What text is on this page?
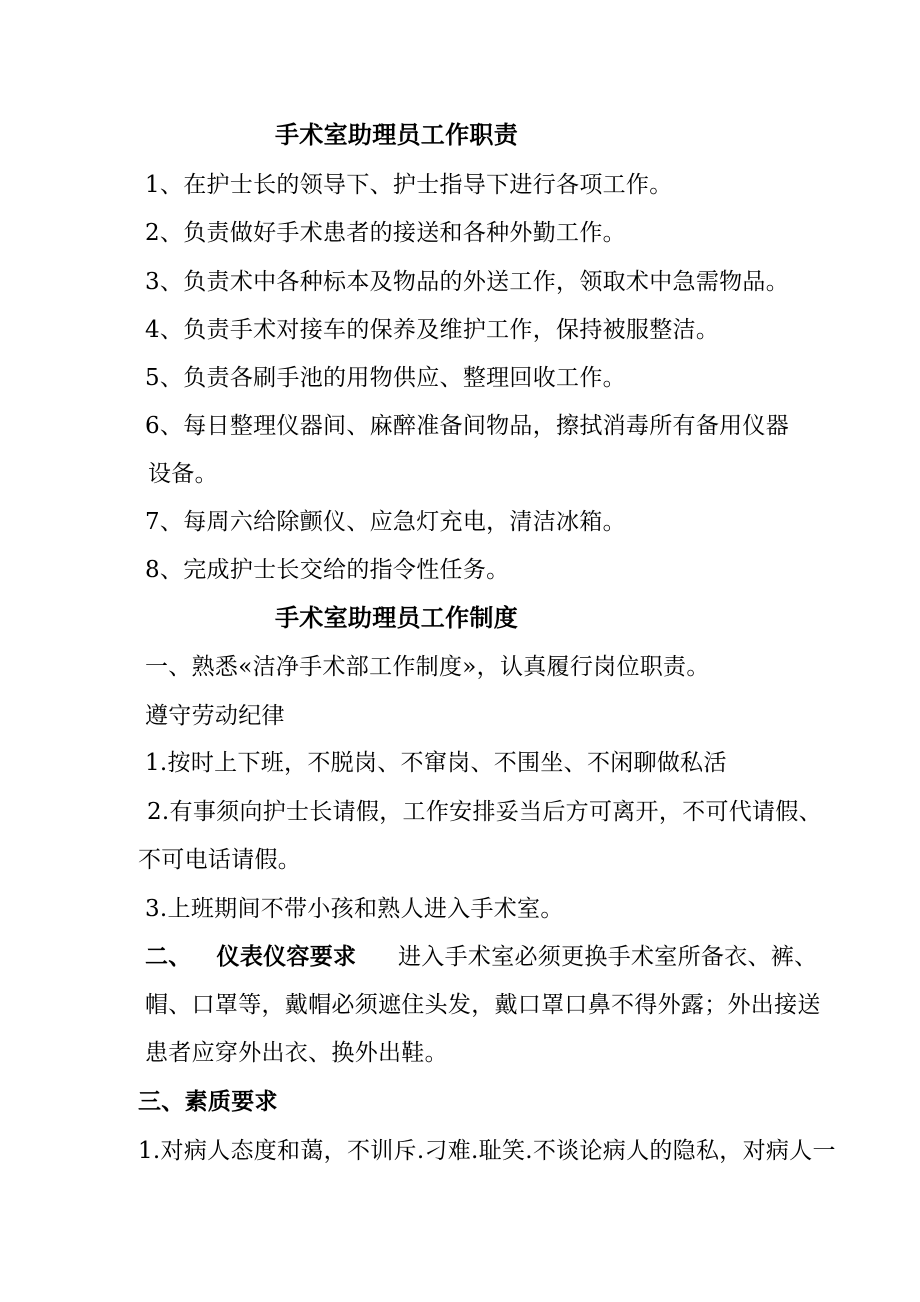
手术室助理员工作职责
1、在护士长的领导下、护士指导下进行各项工作。
2、负责做好手术患者的接送和各种外勤工作。
3、负责术中各种标本及物品的外送工作，领取术中急需物品。
4、负责手术对接车的保养及维护工作，保持被服整洁。
5、负责各刷手池的用物供应、整理回收工作。
6、每日整理仪器间、麻醉准备间物品，擦拭消毒所有备用仪器
设备。
7、每周六给除颤仪、应急灯充电，清洁冰箱。
8、完成护士长交给的指令性任务。
手术室助理员工作制度
一、熟悉«洁净手术部工作制度»，认真履行岗位职责。
遵守劳动纪律
1.按时上下班，不脱岗、不窜岗、不围坐、不闲聊做私活
2.有事须向护士长请假，工作安排妥当后方可离开，不可代请假、
不可电话请假。
3.上班期间不带小孩和熟人进入手术室。
二、   仪表仪容要求 进入手术室必须更换手术室所备衣、裤、
帽、口罩等，戴帽必须遮住头发，戴口罩口鼻不得外露；外出接送
患者应穿外出衣、换外出鞋。
三、素质要求
1.对病人态度和蔼，不训斥.刁难.耻笑.不谈论病人的隐私，对病人一
